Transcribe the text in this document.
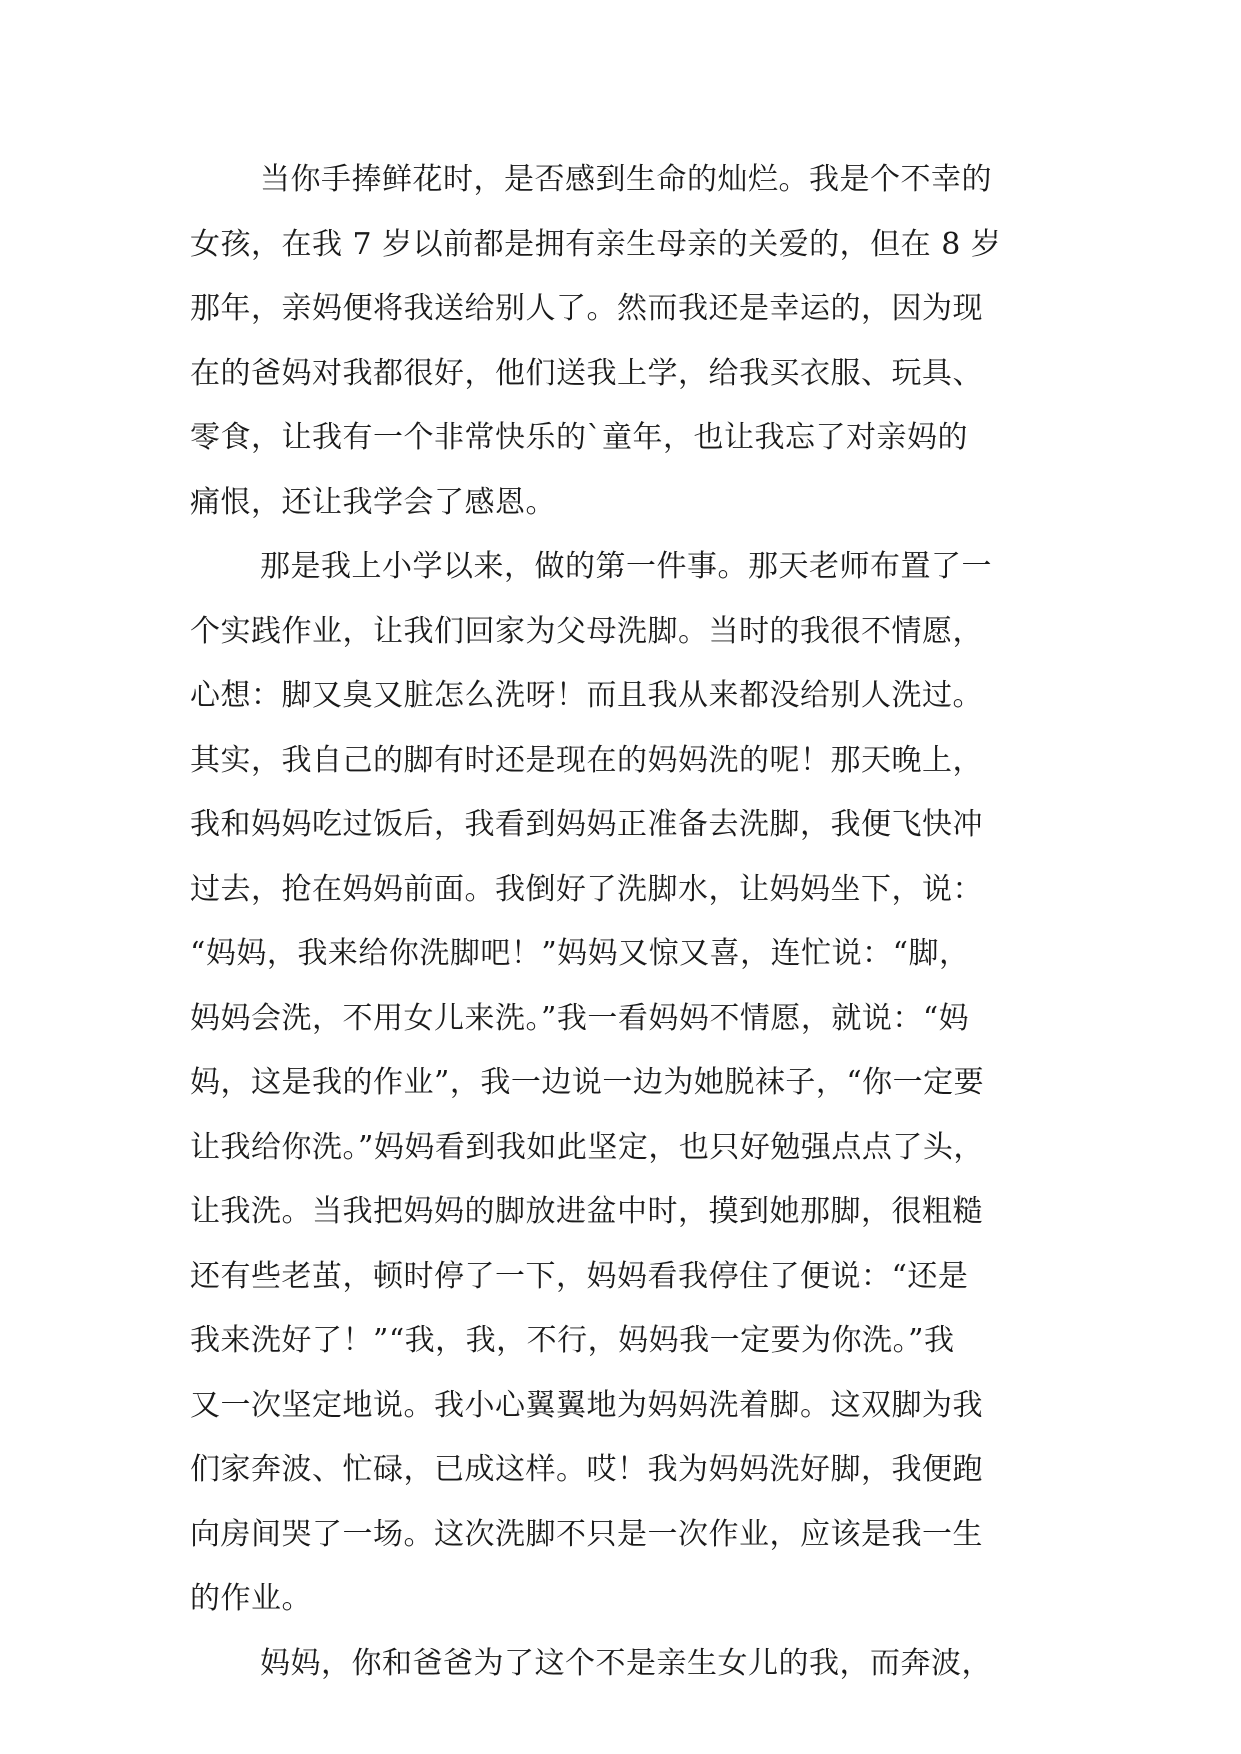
当你手捧鲜花时，是否感到生命的灿烂。我是个不幸的
女孩，在我 7 岁以前都是拥有亲生母亲的关爱的，但在 8 岁
那年，亲妈便将我送给别人了。然而我还是幸运的，因为现
在的爸妈对我都很好，他们送我上学，给我买衣服、玩具、
零食，让我有一个非常快乐的`童年，也让我忘了对亲妈的
痛恨，还让我学会了感恩。
那是我上小学以来，做的第一件事。那天老师布置了一
个实践作业，让我们回家为父母洗脚。当时的我很不情愿，
心想：脚又臭又脏怎么洗呀！而且我从来都没给别人洗过。
其实，我自己的脚有时还是现在的妈妈洗的呢！那天晚上，
我和妈妈吃过饭后，我看到妈妈正准备去洗脚，我便飞快冲
过去，抢在妈妈前面。我倒好了洗脚水，让妈妈坐下，说：
“妈妈，我来给你洗脚吧！”妈妈又惊又喜，连忙说：“脚，
妈妈会洗，不用女儿来洗。”我一看妈妈不情愿，就说：“妈
妈，这是我的作业”，我一边说一边为她脱袜子，“你一定要
让我给你洗。”妈妈看到我如此坚定，也只好勉强点点了头，
让我洗。当我把妈妈的脚放进盆中时，摸到她那脚，很粗糙
还有些老茧，顿时停了一下，妈妈看我停住了便说：“还是
我来洗好了！”“我，我，不行，妈妈我一定要为你洗。”我
又一次坚定地说。我小心翼翼地为妈妈洗着脚。这双脚为我
们家奔波、忙碌，已成这样。哎！我为妈妈洗好脚，我便跑
向房间哭了一场。这次洗脚不只是一次作业，应该是我一生
的作业。
妈妈，你和爸爸为了这个不是亲生女儿的我，而奔波，
